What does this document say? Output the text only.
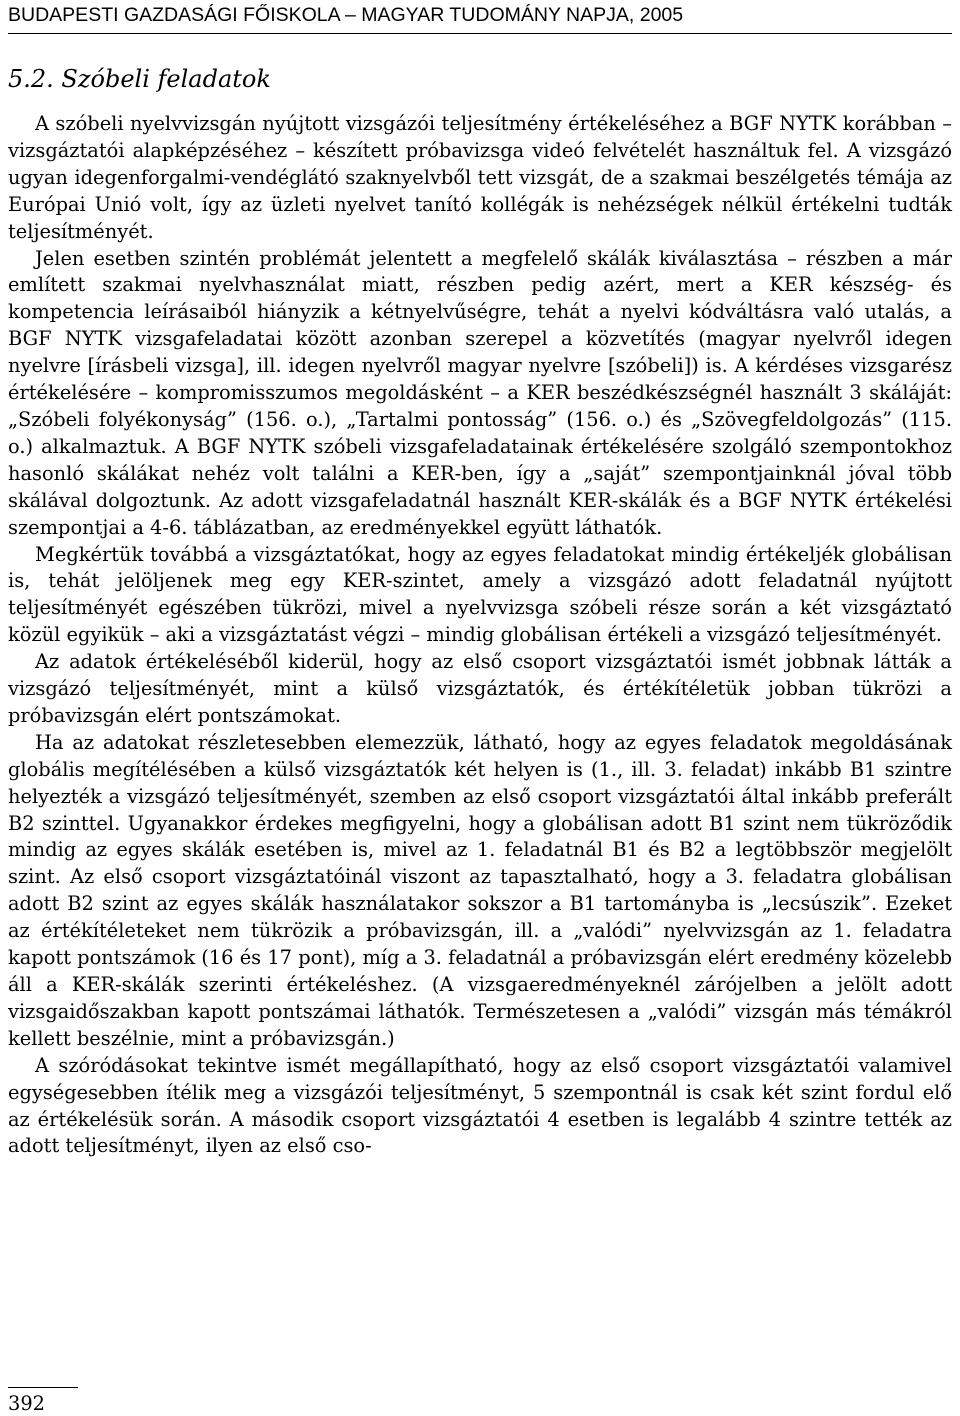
BUDAPESTI GAZDASÁGI FŐISKOLA – MAGYAR TUDOMÁNY NAPJA, 2005
5.2. Szóbeli feladatok

A szóbeli nyelvvizsgán nyújtott vizsgázói teljesítmény értékeléséhez a BGF NYTK korábban – vizsgáztatói alapképzéséhez – készített próbavizsga videó felvételét használtuk fel. A vizsgázó ugyan idegenforgalmi-vendéglátó szaknyelvből tett vizsgát, de a szakmai beszélgetés témája az Európai Unió volt, így az üzleti nyelvet tanító kollégák is nehézségek nélkül értékelni tudták teljesítményét.

Jelen esetben szintén problémát jelentett a megfelelő skálák kiválasztása – részben a már említett szakmai nyelvhasználat miatt, részben pedig azért, mert a KER készség- és kompetencia leírásaiból hiányzik a kétnyelvűségre, tehát a nyelvi kódváltásra való utalás, a BGF NYTK vizsgafeladatai között azonban szerepel a közvetítés (magyar nyelvről idegen nyelvre [írásbeli vizsga], ill. idegen nyelvről magyar nyelvre [szóbeli]) is. A kérdéses vizsgarész értékelésére – kompromisszumos megoldásként – a KER beszédkészségnél használt 3 skáláját: „Szóbeli folyékonyság” (156. o.), „Tartalmi pontosság” (156. o.) és „Szövegfeldolgozás” (115. o.) alkalmaztuk. A BGF NYTK szóbeli vizsgafeladatainak értékelésére szolgáló szempontokhoz hasonló skálákat nehéz volt találni a KER-ben, így a „saját” szempontjainknál jóval több skálával dolgoztunk. Az adott vizsgafeladatnál használt KER-skálák és a BGF NYTK értékelési szempontjai a 4-6. táblázatban, az eredményekkel együtt láthatók.

Megkértük továbbá a vizsgáztatókat, hogy az egyes feladatokat mindig értékeljék globálisan is, tehát jelöljenek meg egy KER-szintet, amely a vizsgázó adott feladatnál nyújtott teljesítményét egészében tükrözi, mivel a nyelvvizsga szóbeli része során a két vizsgáztató közül egyikük – aki a vizsgáztatást végzi – mindig globálisan értékeli a vizsgázó teljesítményét.

Az adatok értékeléséből kiderül, hogy az első csoport vizsgáztatói ismét jobbnak látták a vizsgázó teljesítményét, mint a külső vizsgáztatók, és értékítéletük jobban tükrözi a próbavizsgán elért pontszámokat.

Ha az adatokat részletesebben elemezzük, látható, hogy az egyes feladatok megoldásának globális megítélésében a külső vizsgáztatók két helyen is (1., ill. 3. feladat) inkább B1 szintre helyezték a vizsgázó teljesítményét, szemben az első csoport vizsgáztatói által inkább preferált B2 szinttel. Ugyanakkor érdekes megfigyelni, hogy a globálisan adott B1 szint nem tükröződik mindig az egyes skálák esetében is, mivel az 1. feladatnál B1 és B2 a legtöbbször megjelölt szint. Az első csoport vizsgáztatóinál viszont az tapasztalható, hogy a 3. feladatra globálisan adott B2 szint az egyes skálák használatakor sokszor a B1 tartományba is „lecsúszik”. Ezeket az értékítéleteket nem tükrözik a próbavizsgán, ill. a „valódi” nyelvvizsgán az 1. feladatra kapott pontszámok (16 és 17 pont), míg a 3. feladatnál a próbavizsgán elért eredmény közelebb áll a KER-skálák szerinti értékeléshez. (A vizsgaeredményeknél zárójelben a jelölt adott vizsgaidőszakban kapott pontszámai láthatók. Természetesen a „valódi” vizsgán más témákról kellett beszélnie, mint a próbavizsgán.)

A szóródásokat tekintve ismét megállapítható, hogy az első csoport vizsgáztatói valamivel egységesebben ítélik meg a vizsgázói teljesítményt, 5 szempontnál is csak két szint fordul elő az értékelésük során. A második csoport vizsgáztatói 4 esetben is legalább 4 szintre tették az adott teljesítményt, ilyen az első cso-

392
